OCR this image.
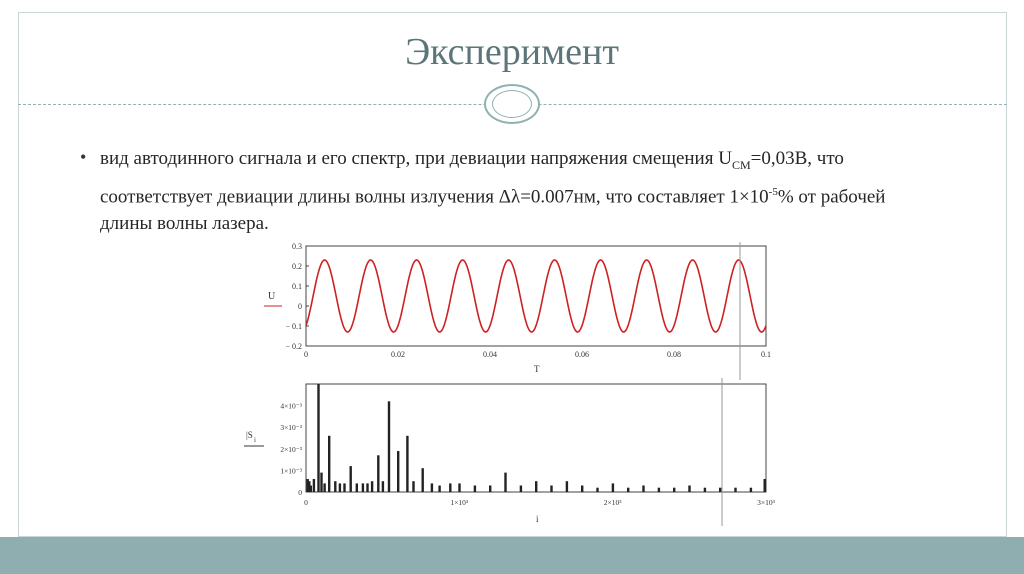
Эксперимент
• вид автодинного сигнала и его спектр, при девиации напряжения смещения $U_{СМ}=0,03В$, что соответствует девиации длины волны излучения Δλ=0.007нм, что составляет $1\times 10^{-5}\%$ от рабочей длины волны лазера.
U
0.3
0.2
0.1
0
− 0.1
− 0.2
0	0.02	0.04	0.06	0.08	0.1
T
|S i
4×10⁻³
3×10⁻³
2×10⁻³
1×10⁻³
0
0	1×10³	2×10³	3×10³
i
